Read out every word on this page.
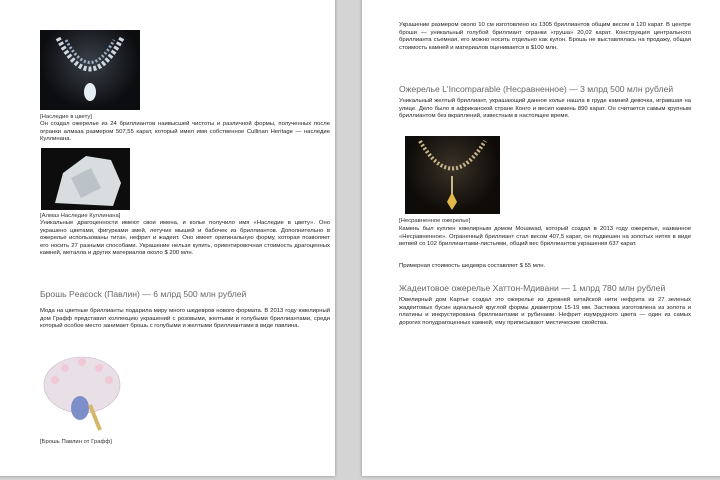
[Наследие в цвету]
Он создал ожерелье из 24 бриллиантов наивысшей чистоты и различной формы, полученных после огранки алмаза размером 507,55 карат, который имел имя собственное Cullinan Heritage — наследие Куллинана.
[Алмаз Наследие Куллинана]
Уникальные драгоценности имеют свои имена, и колье получило имя «Наследие в цвету». Оно украшено цветами, фигурками змей, летучих мышей и бабочек из бриллиантов. Дополнительно в ожерелье использованы титан, нефрит и жадеит. Оно имеет оригинальную форму, которая позволяет его носить 27 разными способами. Украшение нельзя купить, ориентировочная стоимость драгоценных камней, металла и других материалов около $ 200 млн.
Брошь Peacock (Павлин) — 6 млрд 500 млн рублей
Мода на цветные бриллианты подарила миру много шедевров нового формата. В 2013 году ювелирный дом Графф представил коллекцию украшений с розовыми, желтыми и голубыми бриллиантами, среди который особое место занимает брошь с голубыми и желтыми бриллиантами в виде павлина.
[Брошь Павлин от Графф]
Украшение размером около 10 см изготовлено из 1305 бриллиантов общим весом в 120 карат. В центре броши — уникальный голубой бриллиант огранки «груша» 20,02 карат. Конструкция центрального бриллианта съемная, его можно носить отдельно как кулон. Брошь не выставлялась на продажу, общая стоимость камней и материалов оценивается в $100 млн.
Ожерелье L'Incomparable (Несравненное) — 3 млрд 500 млн рублей
Уникальный желтый бриллиант, украшающий данное колье нашла в груде камней девочка, игравшая на улице. Дело было в африканской стране Конго и весил камень 890 карат. Он считается самым крупным бриллиантом без вкраплений, известным в настоящее время.
[Несравненное ожерелье]
Камень был куплен ювелирным домом Mouawad, который создал в 2013 году ожерелье, названное «Несравненное». Ограненный бриллиант стал весом 407,5 карат, он подвешен на золотых нитях в виде ветвей со 102 бриллиантами-листьями, общий вес бриллиантов украшения 637 карат.
Примерная стоимость шедевра составляет $ 55 млн.
Жадеитовое ожерелье Хаттон-Мдивани — 1 млрд 780 млн рублей
Ювелирный дом Картье создал это ожерелье из древней китайской нити нефрита из 27 зеленых жадеитовых бусин идеальной круглой формы диаметром 15-19 мм. Застежка изготовлена из золота и платины и инкрустирована бриллиантами и рубинами. Нефрит изумрудного цвета — один из самых дорогих полудрагоценных камней, ему приписывают мистические свойства.
